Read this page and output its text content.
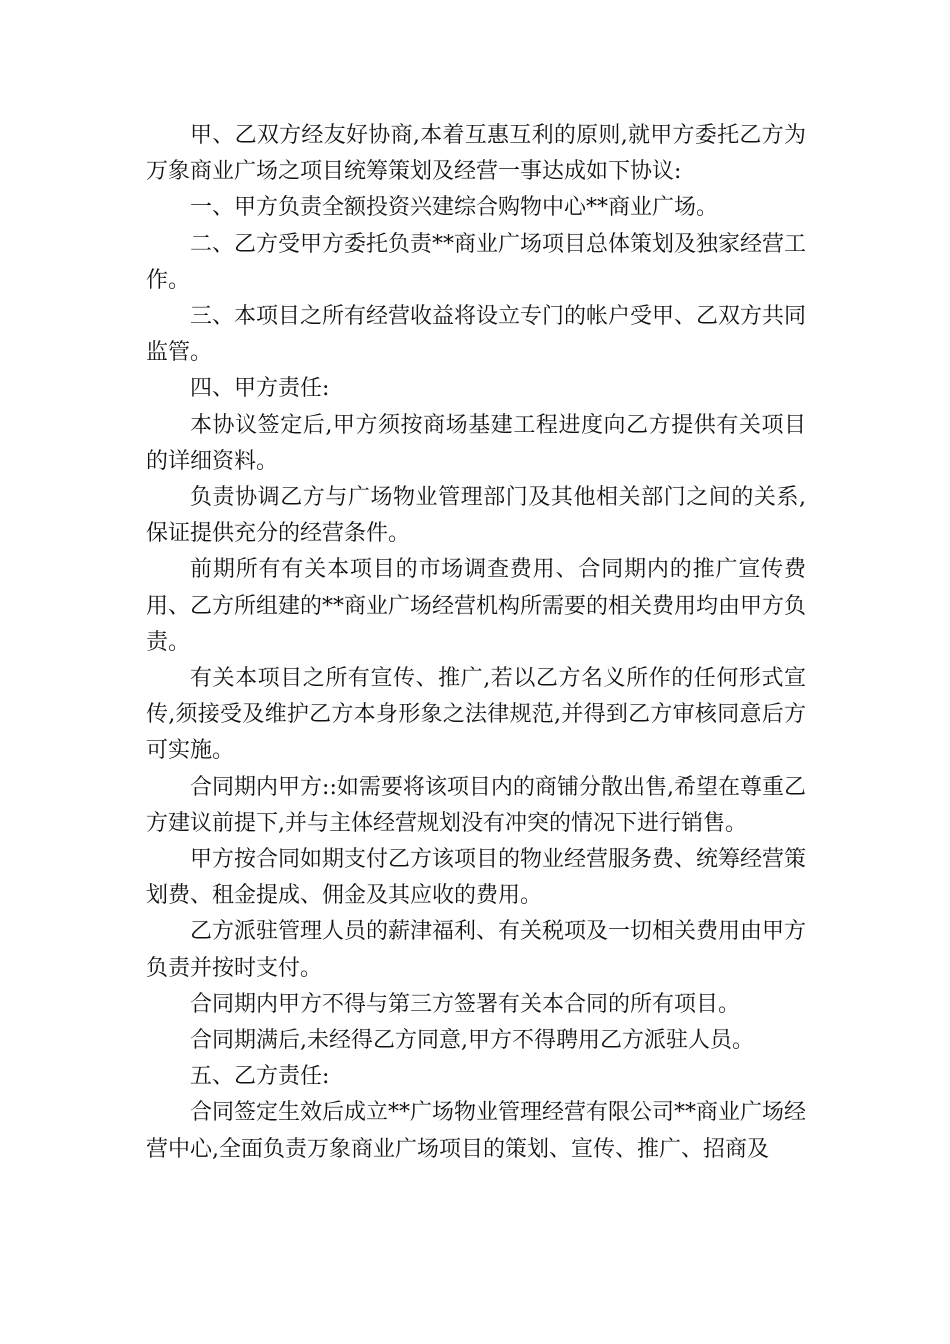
甲、乙双方经友好协商,本着互惠互利的原则,就甲方委托乙方为万象商业广场之项目统筹策划及经营一事达成如下协议:

一、甲方负责全额投资兴建综合购物中心**商业广场。

二、乙方受甲方委托负责**商业广场项目总体策划及独家经营工作。

三、本项目之所有经营收益将设立专门的帐户受甲、乙双方共同监管。

四、甲方责任:

本协议签定后,甲方须按商场基建工程进度向乙方提供有关项目的详细资料。

负责协调乙方与广场物业管理部门及其他相关部门之间的关系,保证提供充分的经营条件。

前期所有有关本项目的市场调查费用、合同期内的推广宣传费用、乙方所组建的**商业广场经营机构所需要的相关费用均由甲方负责。

有关本项目之所有宣传、推广,若以乙方名义所作的任何形式宣传,须接受及维护乙方本身形象之法律规范,并得到乙方审核同意后方可实施。

合同期内甲方::如需要将该项目内的商铺分散出售,希望在尊重乙方建议前提下,并与主体经营规划没有冲突的情况下进行销售。

甲方按合同如期支付乙方该项目的物业经营服务费、统筹经营策划费、租金提成、佣金及其应收的费用。

乙方派驻管理人员的薪津福利、有关税项及一切相关费用由甲方负责并按时支付。

合同期内甲方不得与第三方签署有关本合同的所有项目。

合同期满后,未经得乙方同意,甲方不得聘用乙方派驻人员。

五、乙方责任:

合同签定生效后成立**广场物业管理经营有限公司**商业广场经营中心,全面负责万象商业广场项目的策划、宣传、推广、招商及
